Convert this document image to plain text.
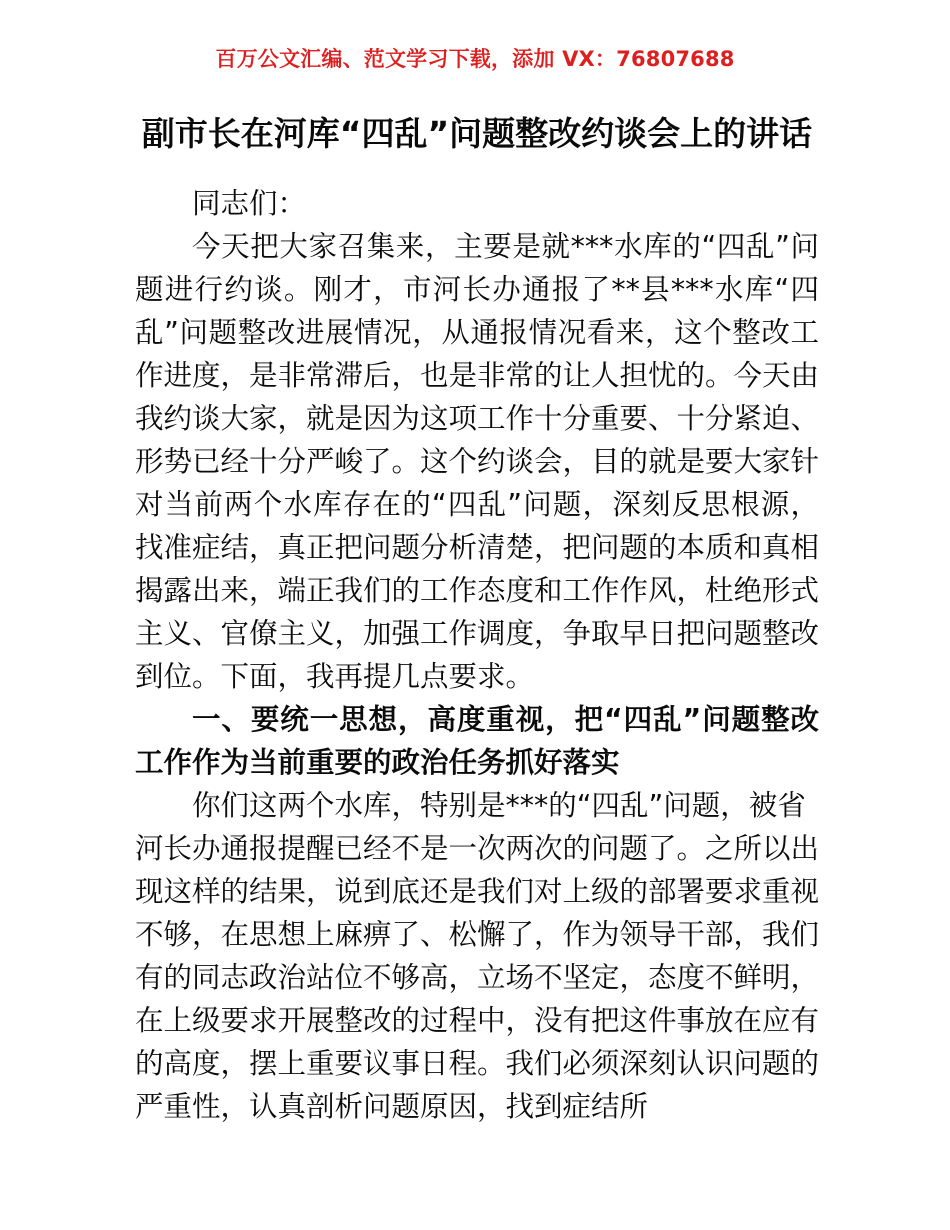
百万公文汇编、范文学习下载，添加 VX：76807688
副市长在河库“四乱”问题整改约谈会上的讲话

同志们：

今天把大家召集来，主要是就***水库的“四乱”问题进行约谈。刚才，市河长办通报了**县***水库“四乱”问题整改进展情况，从通报情况看来，这个整改工作进度，是非常滞后，也是非常的让人担忧的。今天由我约谈大家，就是因为这项工作十分重要、十分紧迫、形势已经十分严峻了。这个约谈会，目的就是要大家针对当前两个水库存在的“四乱”问题，深刻反思根源，找准症结，真正把问题分析清楚，把问题的本质和真相揭露出来，端正我们的工作态度和工作作风，杜绝形式主义、官僚主义，加强工作调度，争取早日把问题整改到位。下面，我再提几点要求。

一、要统一思想，高度重视，把“四乱”问题整改工作作为当前重要的政治任务抓好落实

你们这两个水库，特别是***的“四乱”问题，被省河长办通报提醒已经不是一次两次的问题了。之所以出现这样的结果，说到底还是我们对上级的部署要求重视不够，在思想上麻痹了、松懈了，作为领导干部，我们有的同志政治站位不够高，立场不坚定，态度不鲜明，在上级要求开展整改的过程中，没有把这件事放在应有的高度，摆上重要议事日程。我们必须深刻认识问题的严重性，认真剖析问题原因，找到症结所
